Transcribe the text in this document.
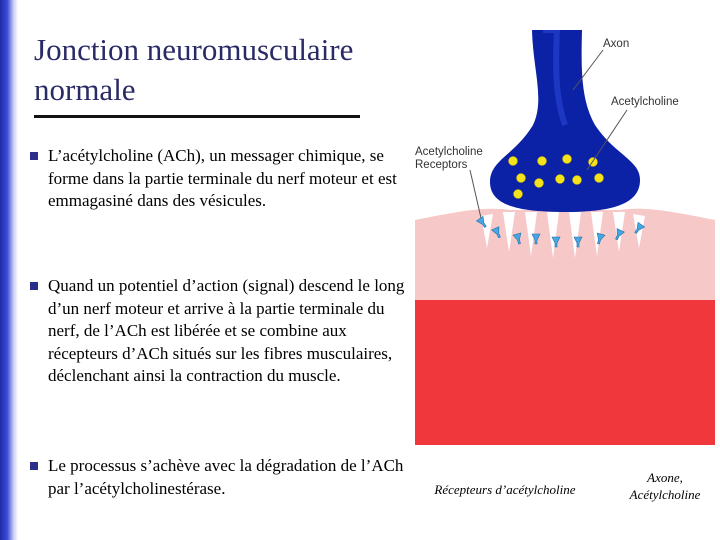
Jonction neuromusculaire
normale
L’acétylcholine (ACh), un messager chimique, se forme dans la partie terminale du nerf moteur et est emmagasiné dans des vésicules.
Quand un potentiel d’action (signal) descend le long d’un nerf moteur et arrive à la partie terminale du nerf, de l’ACh est libérée et se combine aux récepteurs d’ACh situés sur les fibres musculaires, déclenchant ainsi la contraction du muscle.
Le processus s’achève avec la dégradation de l’ACh par l’acétylcholinestérase.
Axon
Acetylcholine
Acetylcholine
Receptors
Récepteurs d’acétylcholine
Axone,
Acétylcholine
